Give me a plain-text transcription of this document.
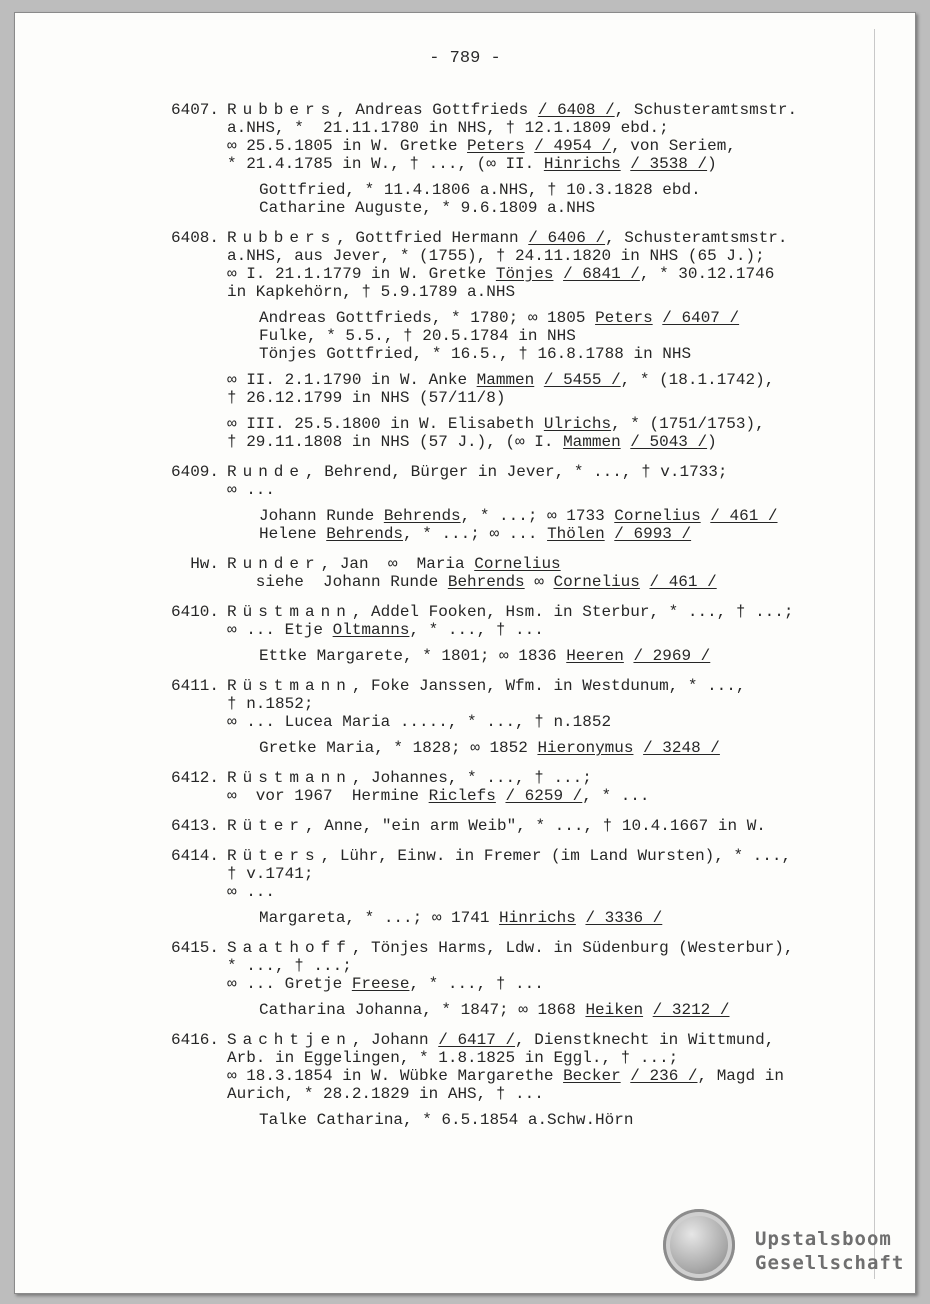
- 789 -
6407. Rubbers, Andreas Gottfrieds / 6408 /, Schusteramtsmstr.
a.NHS, *  21.11.1780 in NHS, † 12.1.1809 ebd.;
∞ 25.5.1805 in W. Gretke Peters / 4954 /, von Seriem,
* 21.4.1785 in W., † ..., (∞ II. Hinrichs / 3538 /)
Gottfried, * 11.4.1806 a.NHS, † 10.3.1828 ebd.
Catharine Auguste, * 9.6.1809 a.NHS
6408. Rubbers, Gottfried Hermann / 6406 /, Schusteramtsmstr.
a.NHS, aus Jever, * (1755), † 24.11.1820 in NHS (65 J.);
∞ I. 21.1.1779 in W. Gretke Tönjes / 6841 /, * 30.12.1746
in Kapkehörn, † 5.9.1789 a.NHS
Andreas Gottfrieds, * 1780; ∞ 1805 Peters / 6407 /
Fulke, * 5.5., † 20.5.1784 in NHS
Tönjes Gottfried, * 16.5., † 16.8.1788 in NHS
∞ II. 2.1.1790 in W. Anke Mammen / 5455 /, * (18.1.1742),
† 26.12.1799 in NHS (57/11/8)
∞ III. 25.5.1800 in W. Elisabeth Ulrichs, * (1751/1753),
† 29.11.1808 in NHS (57 J.), (∞ I. Mammen / 5043 /)
6409. Runde, Behrend, Bürger in Jever, * ..., † v.1733;
∞ ...
Johann Runde Behrends, * ...; ∞ 1733 Cornelius / 461 /
Helene Behrends, * ...; ∞ ... Thölen / 6993 /
Hw. Runder, Jan  ∞  Maria Cornelius
siehe  Johann Runde Behrends ∞ Cornelius / 461 /
6410. Rüstmann, Addel Fooken, Hsm. in Sterbur, * ..., † ...;
∞ ... Etje Oltmanns, * ..., † ...
Ettke Margarete, * 1801; ∞ 1836 Heeren / 2969 /
6411. Rüstmann, Foke Janssen, Wfm. in Westdunum, * ...,
† n.1852;
∞ ... Lucea Maria ....., * ..., † n.1852
Gretke Maria, * 1828; ∞ 1852 Hieronymus / 3248 /
6412. Rüstmann, Johannes, * ..., † ...;
∞  vor 1967  Hermine Riclefs / 6259 /, * ...
6413. Rüter, Anne, "ein arm Weib", * ..., † 10.4.1667 in W.
6414. Rüters, Lühr, Einw. in Fremer (im Land Wursten), * ...,
† v.1741;
∞ ...
Margareta, * ...; ∞ 1741 Hinrichs / 3336 /
6415. Saathoff, Tönjes Harms, Ldw. in Südenburg (Westerbur),
* ..., † ...;
∞ ... Gretje Freese, * ..., † ...
Catharina Johanna, * 1847; ∞ 1868 Heiken / 3212 /
6416. Sachtjen, Johann / 6417 /, Dienstknecht in Wittmund,
Arb. in Eggelingen, * 1.8.1825 in Eggl., † ...;
∞ 18.3.1854 in W. Wübke Margarethe Becker / 236 /, Magd in
Aurich, * 28.2.1829 in AHS, † ...
Talke Catharina, * 6.5.1854 a.Schw.Hörn
Upstalsboom
Gesellschaft
